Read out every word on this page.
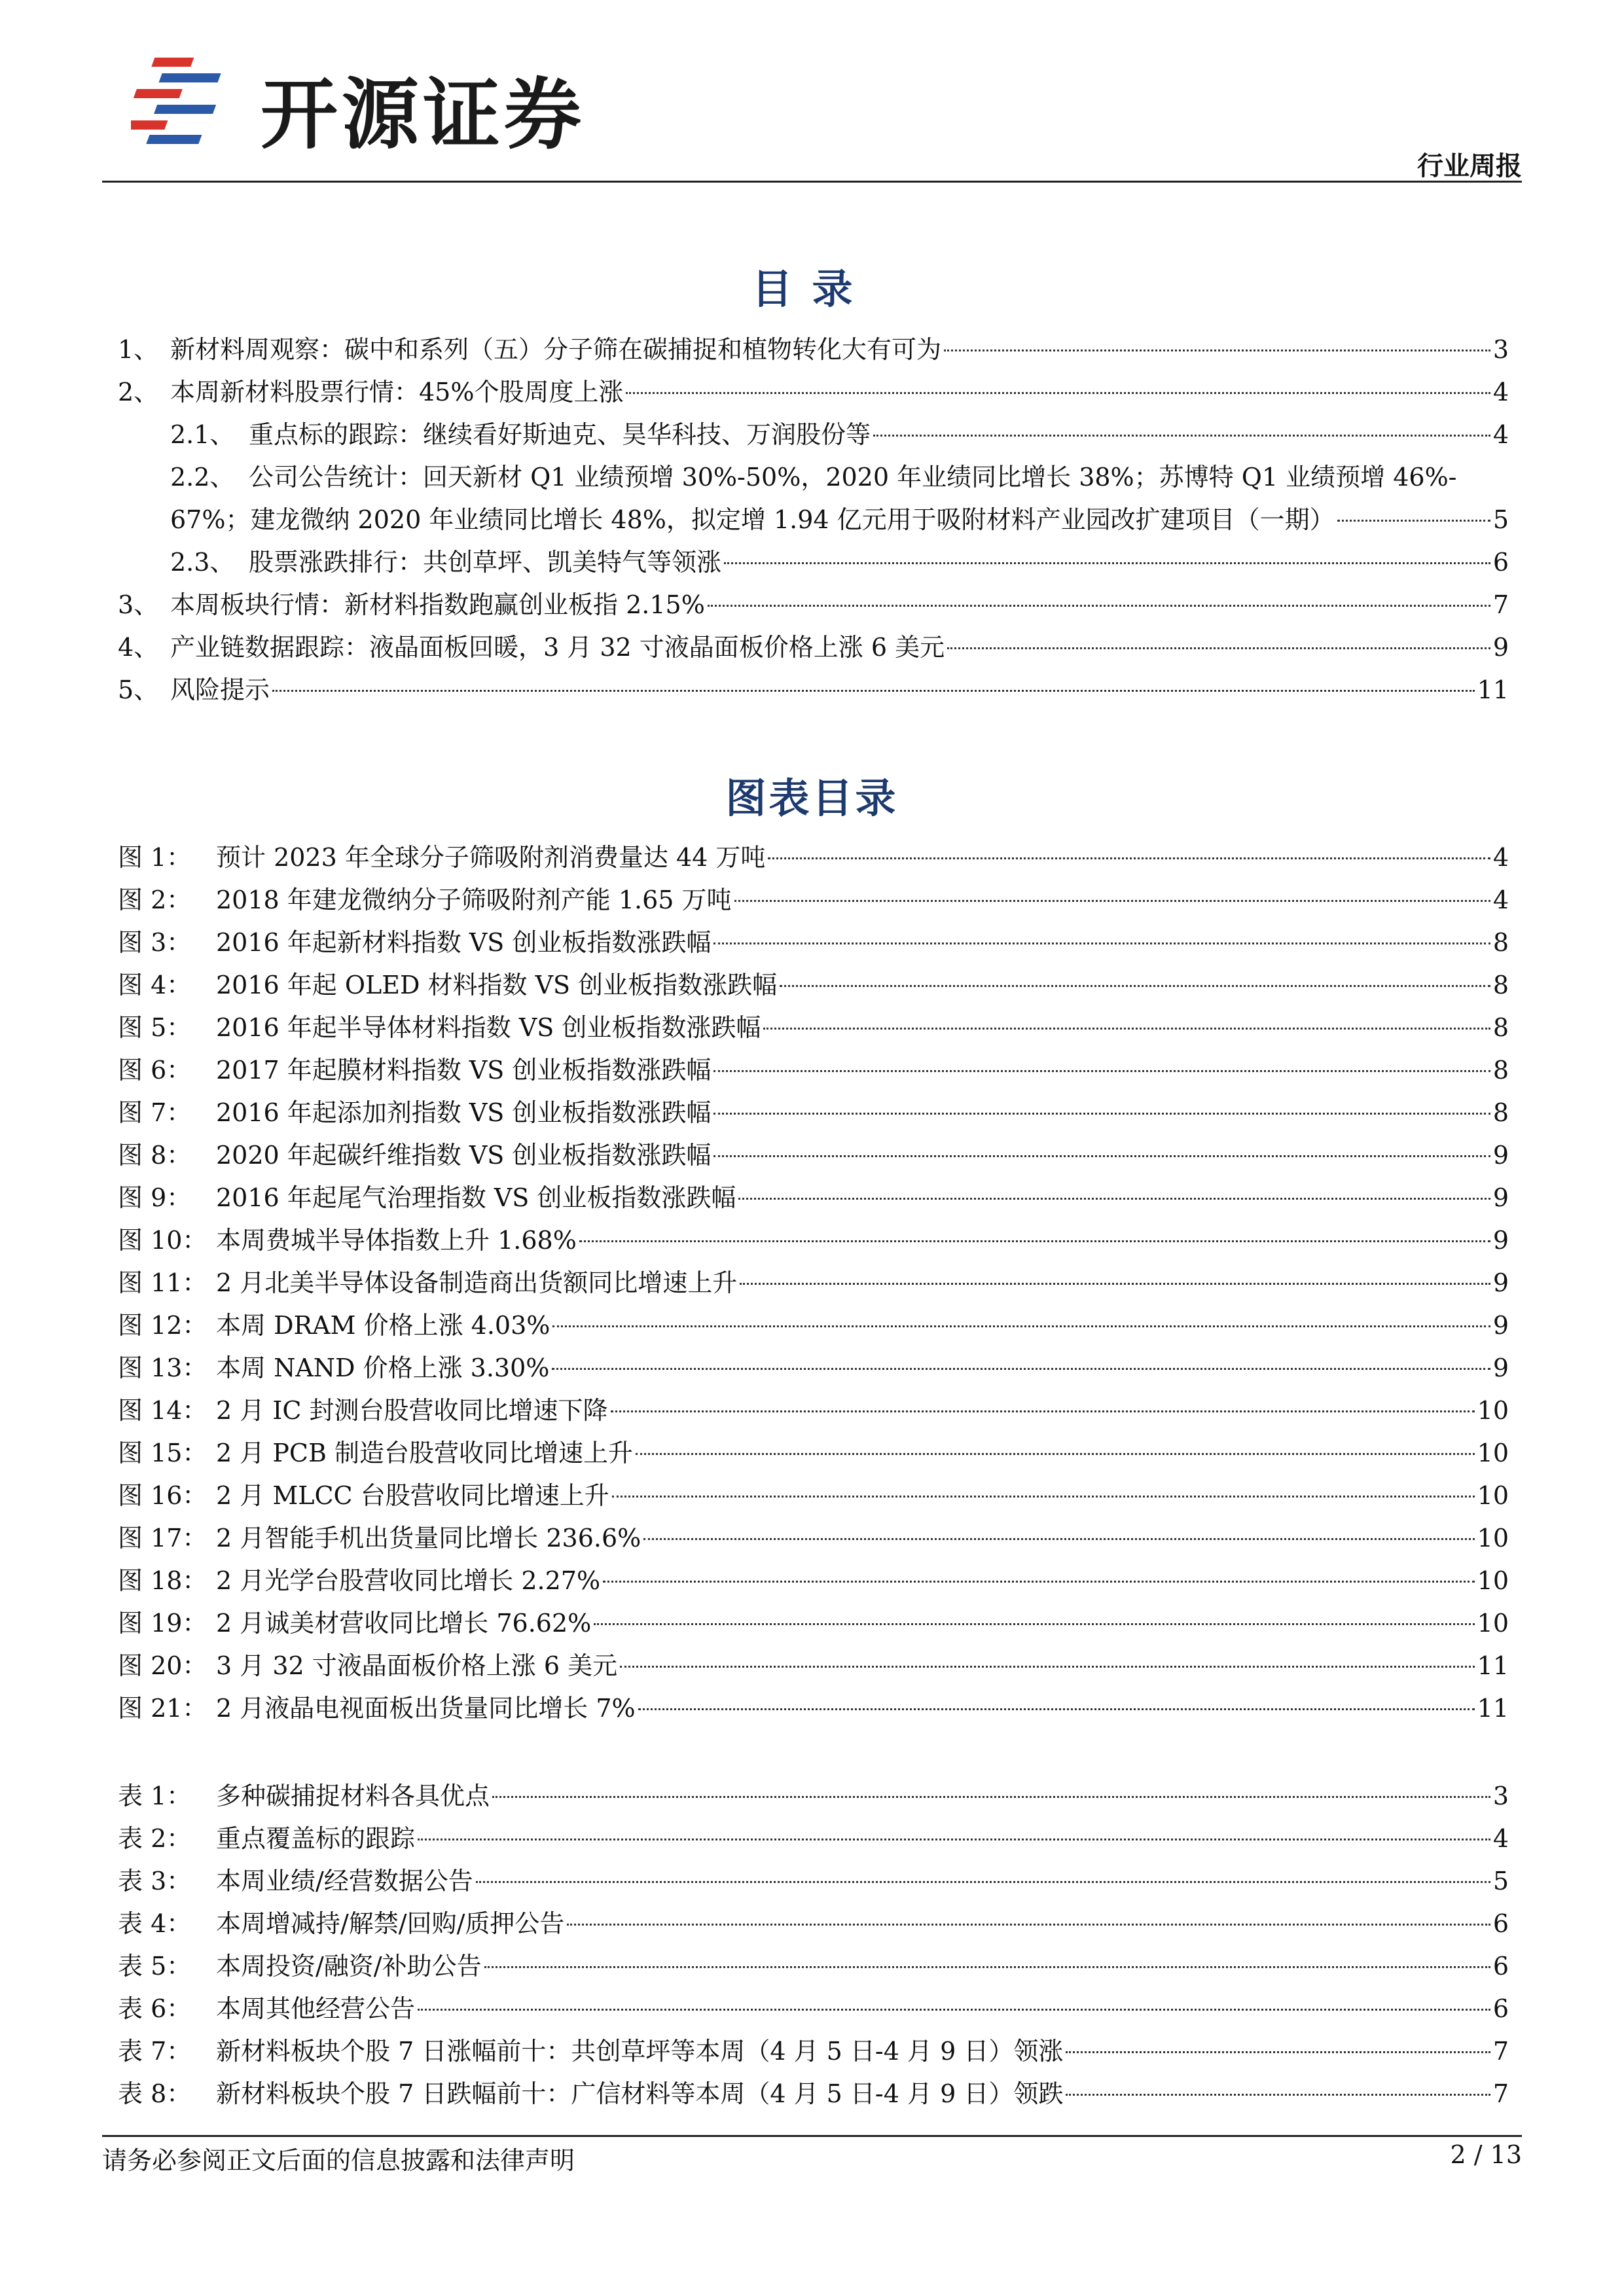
开源证券
行业周报
目录
1、 新材料周观察：碳中和系列（五）分子筛在碳捕捉和植物转化大有可为	3
2、 本周新材料股票行情：45%个股周度上涨	4
2.1、 重点标的跟踪：继续看好斯迪克、昊华科技、万润股份等	4
2.2、 公司公告统计：回天新材 Q1 业绩预增 30%-50%，2020 年业绩同比增长 38%；苏博特 Q1 业绩预增 46%-
67%；建龙微纳 2020 年业绩同比增长 48%，拟定增 1.94 亿元用于吸附材料产业园改扩建项目（一期）	5
2.3、 股票涨跌排行：共创草坪、凯美特气等领涨	6
3、 本周板块行情：新材料指数跑赢创业板指 2.15%	7
4、 产业链数据跟踪：液晶面板回暖，3 月 32 寸液晶面板价格上涨 6 美元	9
5、 风险提示	11
图表目录
图 1： 预计 2023 年全球分子筛吸附剂消费量达 44 万吨	4
图 2： 2018 年建龙微纳分子筛吸附剂产能 1.65 万吨	4
图 3： 2016 年起新材料指数 VS 创业板指数涨跌幅	8
图 4： 2016 年起 OLED 材料指数 VS 创业板指数涨跌幅	8
图 5： 2016 年起半导体材料指数 VS 创业板指数涨跌幅	8
图 6： 2017 年起膜材料指数 VS 创业板指数涨跌幅	8
图 7： 2016 年起添加剂指数 VS 创业板指数涨跌幅	8
图 8： 2020 年起碳纤维指数 VS 创业板指数涨跌幅	9
图 9： 2016 年起尾气治理指数 VS 创业板指数涨跌幅	9
图 10： 本周费城半导体指数上升 1.68%	9
图 11： 2 月北美半导体设备制造商出货额同比增速上升	9
图 12： 本周 DRAM 价格上涨 4.03%	9
图 13： 本周 NAND 价格上涨 3.30%	9
图 14： 2 月 IC 封测台股营收同比增速下降	10
图 15： 2 月 PCB 制造台股营收同比增速上升	10
图 16： 2 月 MLCC 台股营收同比增速上升	10
图 17： 2 月智能手机出货量同比增长 236.6%	10
图 18： 2 月光学台股营收同比增长 2.27%	10
图 19： 2 月诚美材营收同比增长 76.62%	10
图 20： 3 月 32 寸液晶面板价格上涨 6 美元	11
图 21： 2 月液晶电视面板出货量同比增长 7%	11
表 1： 多种碳捕捉材料各具优点	3
表 2： 重点覆盖标的跟踪	4
表 3： 本周业绩/经营数据公告	5
表 4： 本周增减持/解禁/回购/质押公告	6
表 5： 本周投资/融资/补助公告	6
表 6： 本周其他经营公告	6
表 7： 新材料板块个股 7 日涨幅前十：共创草坪等本周（4 月 5 日-4 月 9 日）领涨	7
表 8： 新材料板块个股 7 日跌幅前十：广信材料等本周（4 月 5 日-4 月 9 日）领跌	7
请务必参阅正文后面的信息披露和法律声明	2 / 13
